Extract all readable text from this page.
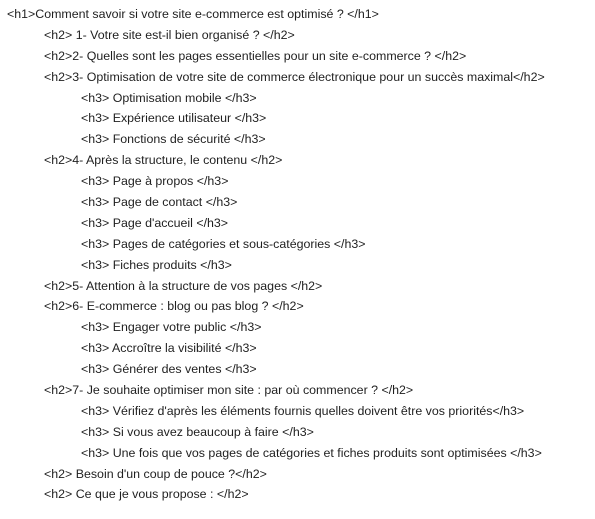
<h1>Comment savoir si votre site e-commerce est optimisé ? </h1>
<h2> 1- Votre site est-il bien organisé ? </h2>
<h2>2- Quelles sont les pages essentielles pour un site e-commerce ? </h2>
<h2>3- Optimisation de votre site de commerce électronique pour un succès maximal</h2>
<h3> Optimisation mobile </h3>
<h3> Expérience utilisateur </h3>
<h3> Fonctions de sécurité </h3>
<h2>4- Après la structure, le contenu </h2>
<h3> Page à propos </h3>
<h3> Page de contact </h3>
<h3> Page d'accueil </h3>
<h3> Pages de catégories et sous-catégories </h3>
<h3> Fiches produits </h3>
<h2>5- Attention à la structure de vos pages </h2>
<h2>6- E-commerce : blog ou pas blog ? </h2>
<h3> Engager votre public </h3>
<h3> Accroître la visibilité </h3>
<h3> Générer des ventes </h3>
<h2>7- Je souhaite optimiser mon site : par où commencer ? </h2>
<h3> Vérifiez d'après les éléments fournis quelles doivent être vos priorités</h3>
<h3> Si vous avez beaucoup à faire </h3>
<h3> Une fois que vos pages de catégories et fiches produits sont optimisées </h3>
<h2> Besoin d'un coup de pouce ?</h2>
<h2> Ce que je vous propose : </h2>
